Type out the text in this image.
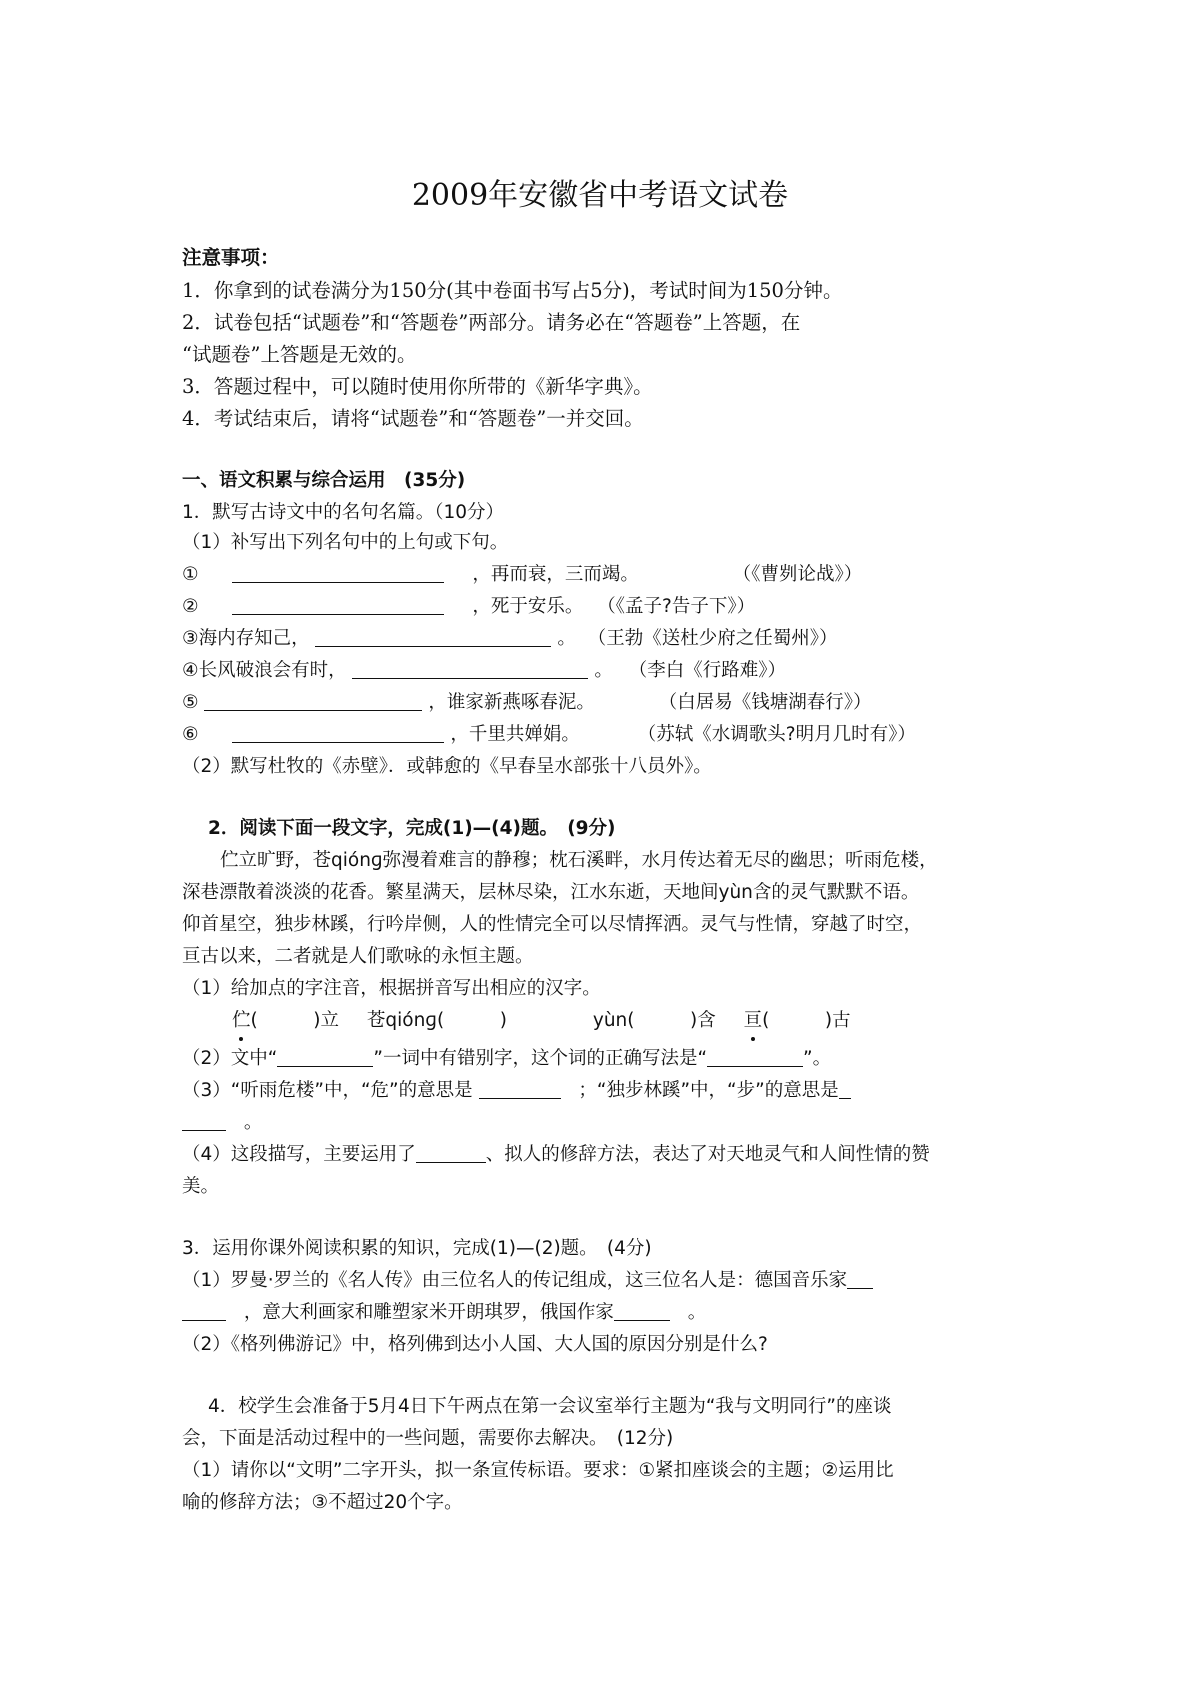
2009年安徽省中考语文试卷
注意事项：
1．你拿到的试卷满分为150分(其中卷面书写占5分)，考试时间为150分钟。
2．试卷包括“试题卷”和“答题卷”两部分。请务必在“答题卷”上答题，在
“试题卷”上答题是无效的。
3．答题过程中，可以随时使用你所带的《新华字典》。
4．考试结束后，请将“试题卷”和“答题卷”一并交回。
一、语文积累与综合运用　(35分)
1．默写古诗文中的名句名篇。（10分）
（1）补写出下列名句中的上句或下句。
①	，再而衰，三而竭。	（《曹刿论战》）
②	，死于安乐。 （《孟子?告子下》）
③海内存知己，	。 （王勃《送杜少府之任蜀州》）
④长风破浪会有时，	。 （李白《行路难》）
⑤	，谁家新燕啄春泥。	（白居易《钱塘湖春行》）
⑥	，千里共婵娟。	（苏轼《水调歌头?明月几时有》）
（2）默写杜牧的《赤壁》．或韩愈的《早春呈水部张十八员外》。
2．阅读下面一段文字，完成(1)—(4)题。　(9分)
伫立旷野，苍qiónɡ弥漫着难言的静穆；枕石溪畔，水月传达着无尽的幽思；听雨危楼，
深巷漂散着淡淡的花香。繁星满天，层林尽染，江水东逝，天地间yùn含的灵气默默不语。
仰首星空，独步林蹊，行吟岸侧，人的性情完全可以尽情挥洒。灵气与性情，穿越了时空，
亘古以来，二者就是人们歌咏的永恒主题。
（1）给加点的字注音，根据拼音写出相应的汉字。
伫(　　　)立 苍qiónɡ(　　　)	yùn(　　　)含 亘(　　　)古
（2）文中“	”一词中有错别字，这个词的正确写法是“	”。
（3）“听雨危楼”中，“危”的意思是	；“独步林蹊”中，“步”的意思是
。
（4）这段描写，主要运用了	、拟人的修辞方法，表达了对天地灵气和人间性情的赞
美。
3．运用你课外阅读积累的知识，完成(1)—(2)题。　(4分)
（1）罗曼·罗兰的《名人传》由三位名人的传记组成，这三位名人是：德国音乐家
，意大利画家和雕塑家米开朗琪罗，俄国作家	。
（2）《格列佛游记》中，格列佛到达小人国、大人国的原因分别是什么?
4．校学生会准备于5月4日下午两点在第一会议室举行主题为“我与文明同行”的座谈
会，下面是活动过程中的一些问题，需要你去解决。　(12分)
（1）请你以“文明”二字开头，拟一条宣传标语。要求：①紧扣座谈会的主题；②运用比
喻的修辞方法；③不超过20个字。
